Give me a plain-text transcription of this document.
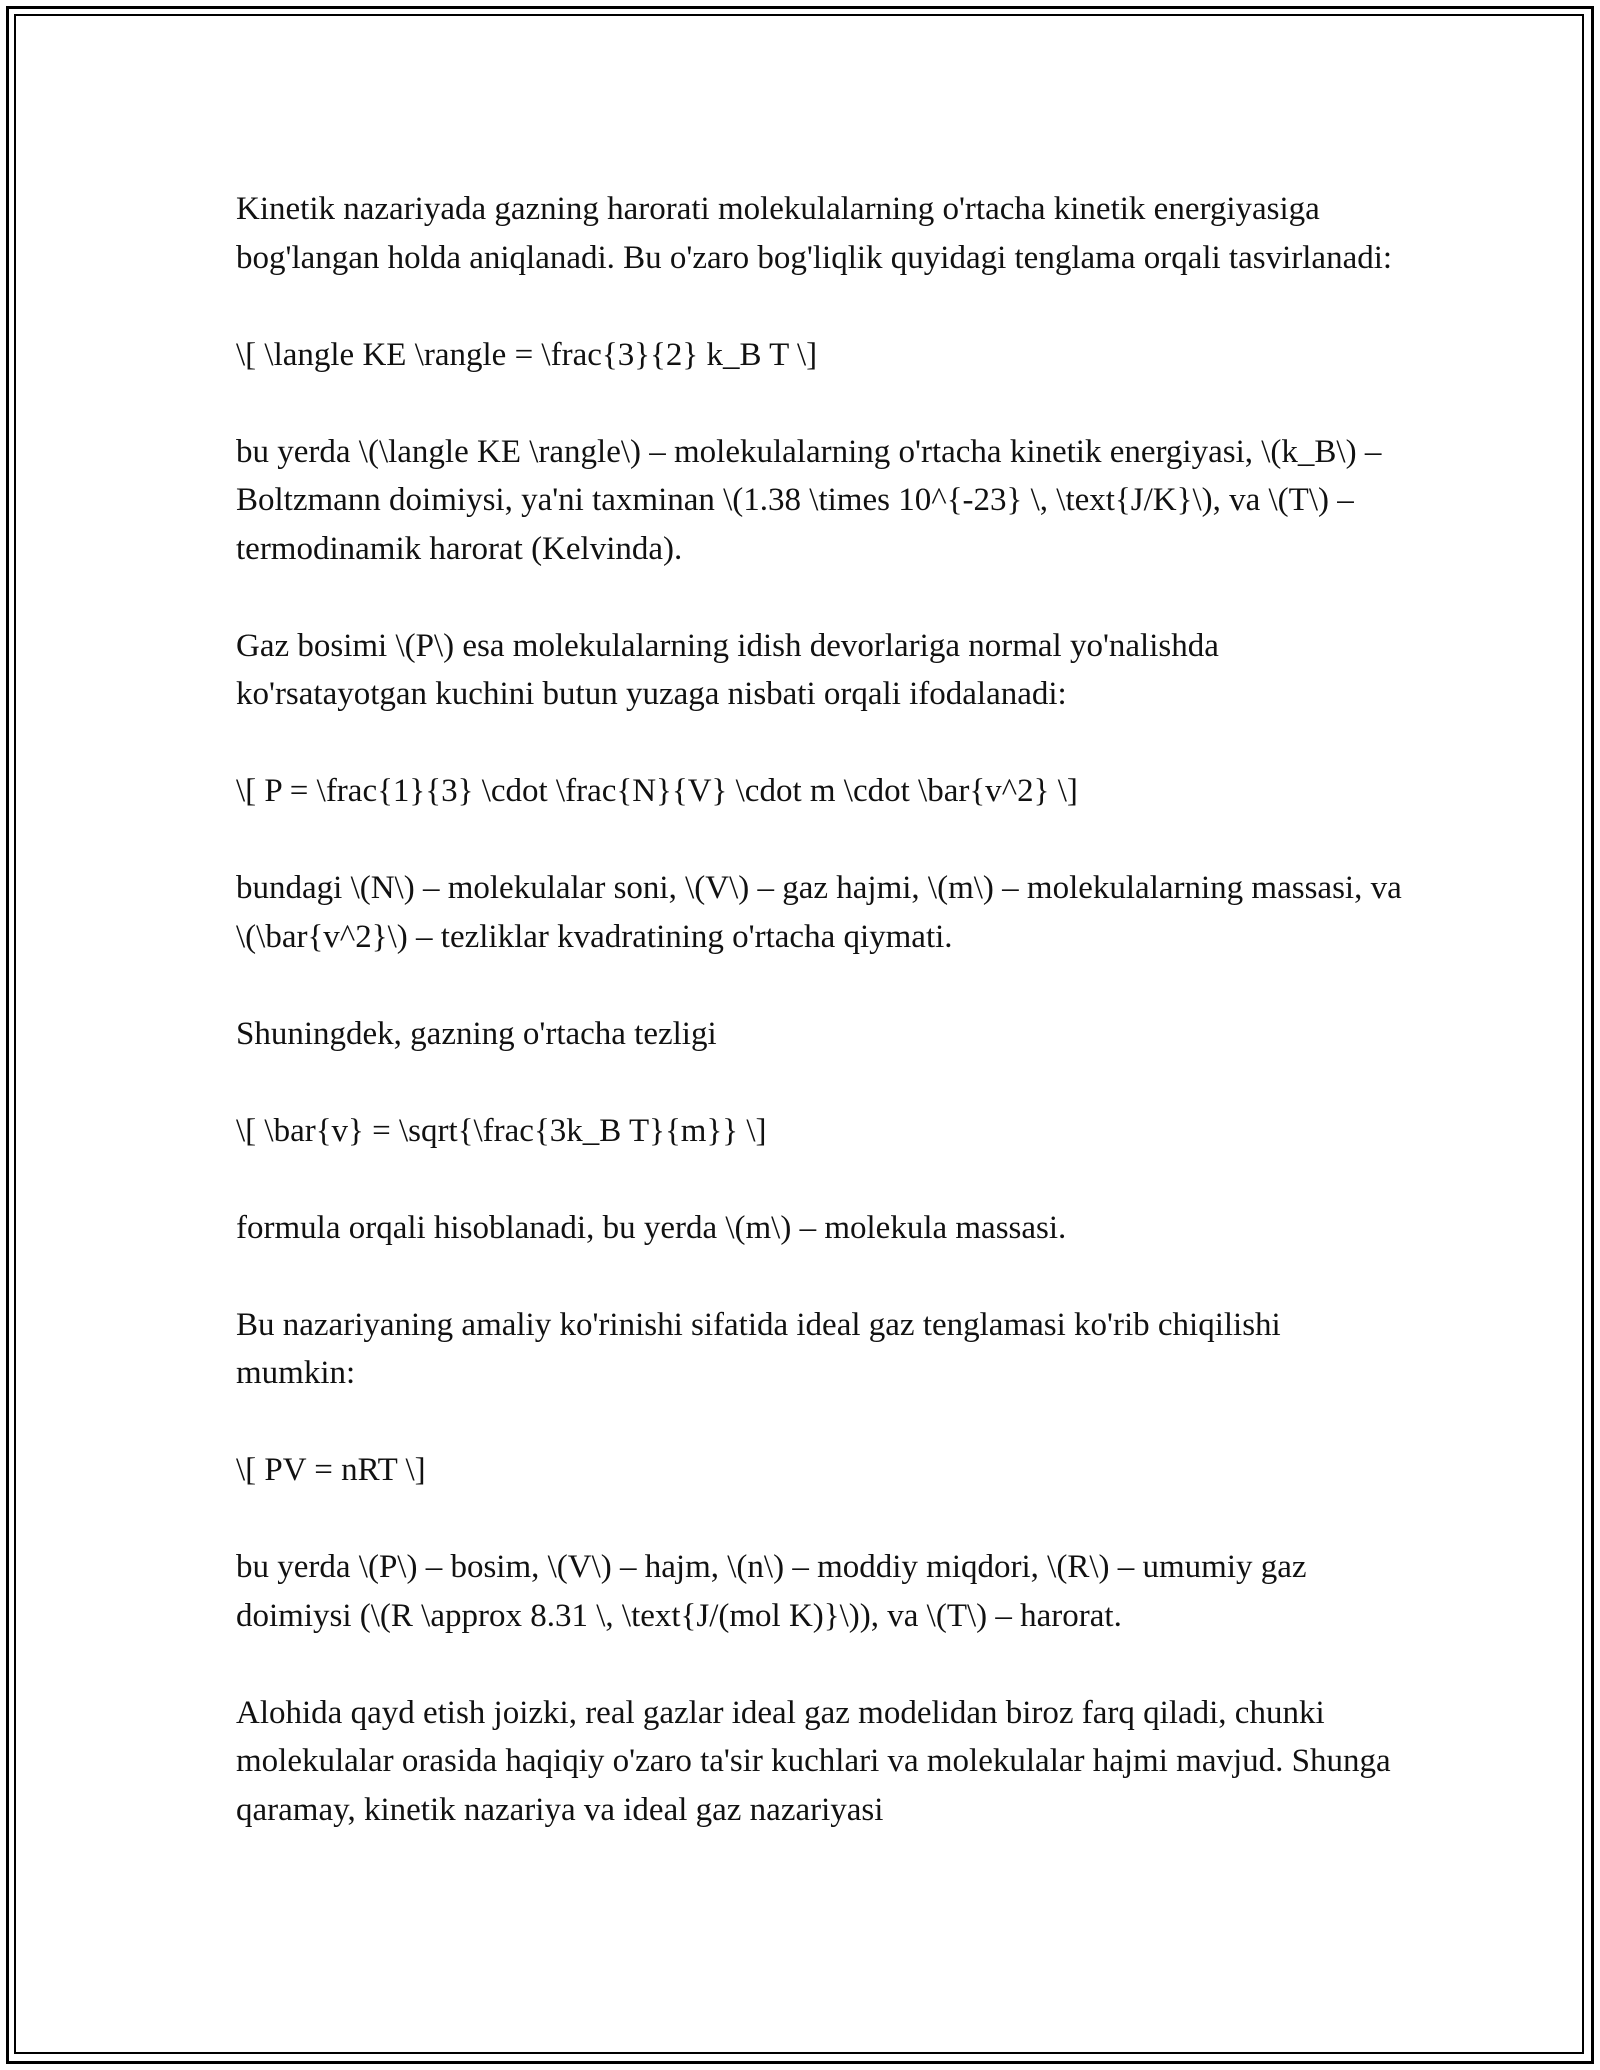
Kinetik nazariyada gazning harorati molekulalarning o'rtacha kinetik energiyasiga bog'langan holda aniqlanadi. Bu o'zaro bog'liqlik quyidagi tenglama orqali tasvirlanadi:

\[ \langle KE \rangle = \frac{3}{2} k_B T \]

bu yerda \(\langle KE \rangle\) – molekulalarning o'rtacha kinetik energiyasi, \(k_B\) – Boltzmann doimiysi, ya'ni taxminan \(1.38 \times 10^{-23} \, \text{J/K}\), va \(T\) – termodinamik harorat (Kelvinda).

Gaz bosimi \(P\) esa molekulalarning idish devorlariga normal yo'nalishda ko'rsatayotgan kuchini butun yuzaga nisbati orqali ifodalanadi:

\[ P = \frac{1}{3} \cdot \frac{N}{V} \cdot m \cdot \bar{v^2} \]

bundagi \(N\) – molekulalar soni, \(V\) – gaz hajmi, \(m\) – molekulalarning massasi, va \(\bar{v^2}\) – tezliklar kvadratining o'rtacha qiymati.

Shuningdek, gazning o'rtacha tezligi

\[ \bar{v} = \sqrt{\frac{3k_B T}{m}} \]

formula orqali hisoblanadi, bu yerda \(m\) – molekula massasi.

Bu nazariyaning amaliy ko'rinishi sifatida ideal gaz tenglamasi ko'rib chiqilishi mumkin:

\[ PV = nRT \]

bu yerda \(P\) – bosim, \(V\) – hajm, \(n\) – moddiy miqdori, \(R\) – umumiy gaz doimiysi (\(R \approx 8.31 \, \text{J/(mol K)}\)), va \(T\) – harorat.

Alohida qayd etish joizki, real gazlar ideal gaz modelidan biroz farq qiladi, chunki molekulalar orasida haqiqiy o'zaro ta'sir kuchlari va molekulalar hajmi mavjud. Shunga qaramay, kinetik nazariya va ideal gaz nazariyasi
